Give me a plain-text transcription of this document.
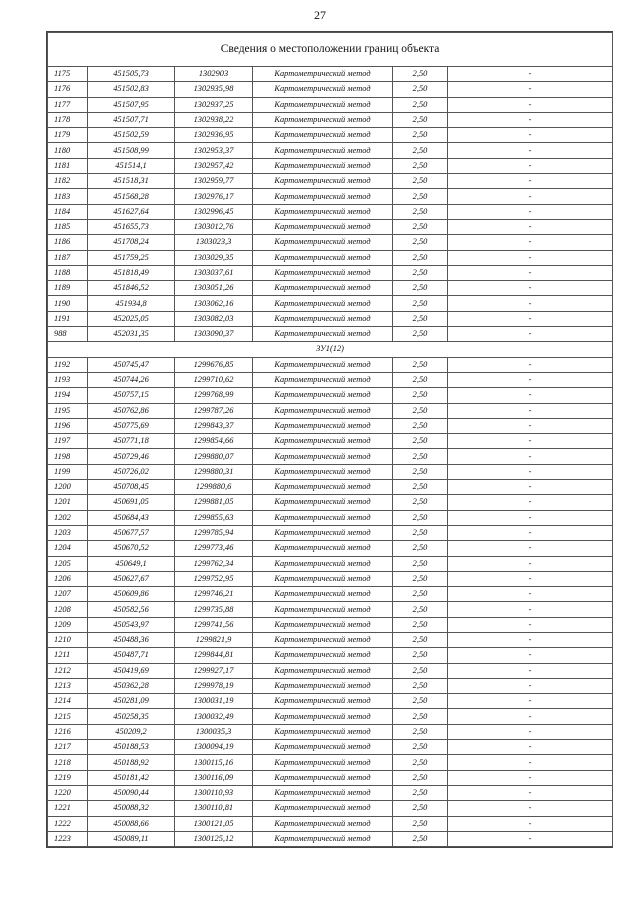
27
Сведения о местоположении границ объекта					
1175	451505,73	1302903	Картометрический метод	2,50	-
1176	451502,83	1302935,98	Картометрический метод	2,50	-
1177	451507,95	1302937,25	Картометрический метод	2,50	-
1178	451507,71	1302938,22	Картометрический метод	2,50	-
1179	451502,59	1302936,95	Картометрический метод	2,50	-
1180	451508,99	1302953,37	Картометрический метод	2,50	-
1181	451514,1	1302957,42	Картометрический метод	2,50	-
1182	451518,31	1302959,77	Картометрический метод	2,50	-
1183	451568,28	1302976,17	Картометрический метод	2,50	-
1184	451627,64	1302996,45	Картометрический метод	2,50	-
1185	451655,73	1303012,76	Картометрический метод	2,50	-
1186	451708,24	1303023,3	Картометрический метод	2,50	-
1187	451759,25	1303029,35	Картометрический метод	2,50	-
1188	451818,49	1303037,61	Картометрический метод	2,50	-
1189	451846,52	1303051,26	Картометрический метод	2,50	-
1190	451934,8	1303062,16	Картометрический метод	2,50	-
1191	452025,05	1303082,03	Картометрический метод	2,50	-
988	452031,35	1303090,37	Картометрический метод	2,50	-
ЗУ1(12)					
1192	450745,47	1299676,85	Картометрический метод	2,50	-
1193	450744,26	1299710,62	Картометрический метод	2,50	-
1194	450757,15	1299768,99	Картометрический метод	2,50	-
1195	450762,86	1299787,26	Картометрический метод	2,50	-
1196	450775,69	1299843,37	Картометрический метод	2,50	-
1197	450771,18	1299854,66	Картометрический метод	2,50	-
1198	450729,46	1299880,07	Картометрический метод	2,50	-
1199	450726,02	1299880,31	Картометрический метод	2,50	-
1200	450708,45	1299880,6	Картометрический метод	2,50	-
1201	450691,05	1299881,05	Картометрический метод	2,50	-
1202	450684,43	1299855,63	Картометрический метод	2,50	-
1203	450677,57	1299785,94	Картометрический метод	2,50	-
1204	450670,52	1299773,46	Картометрический метод	2,50	-
1205	450649,1	1299762,34	Картометрический метод	2,50	-
1206	450627,67	1299752,95	Картометрический метод	2,50	-
1207	450609,86	1299746,21	Картометрический метод	2,50	-
1208	450582,56	1299735,88	Картометрический метод	2,50	-
1209	450543,97	1299741,56	Картометрический метод	2,50	-
1210	450488,36	1299821,9	Картометрический метод	2,50	-
1211	450487,71	1299844,81	Картометрический метод	2,50	-
1212	450419,69	1299927,17	Картометрический метод	2,50	-
1213	450362,28	1299978,19	Картометрический метод	2,50	-
1214	450281,09	1300031,19	Картометрический метод	2,50	-
1215	450258,35	1300032,49	Картометрический метод	2,50	-
1216	450209,2	1300035,3	Картометрический метод	2,50	-
1217	450188,53	1300094,19	Картометрический метод	2,50	-
1218	450188,92	1300115,16	Картометрический метод	2,50	-
1219	450181,42	1300116,09	Картометрический метод	2,50	-
1220	450090,44	1300110,93	Картометрический метод	2,50	-
1221	450088,32	1300110,81	Картометрический метод	2,50	-
1222	450088,66	1300121,05	Картометрический метод	2,50	-
1223	450089,11	1300125,12	Картометрический метод	2,50	-
